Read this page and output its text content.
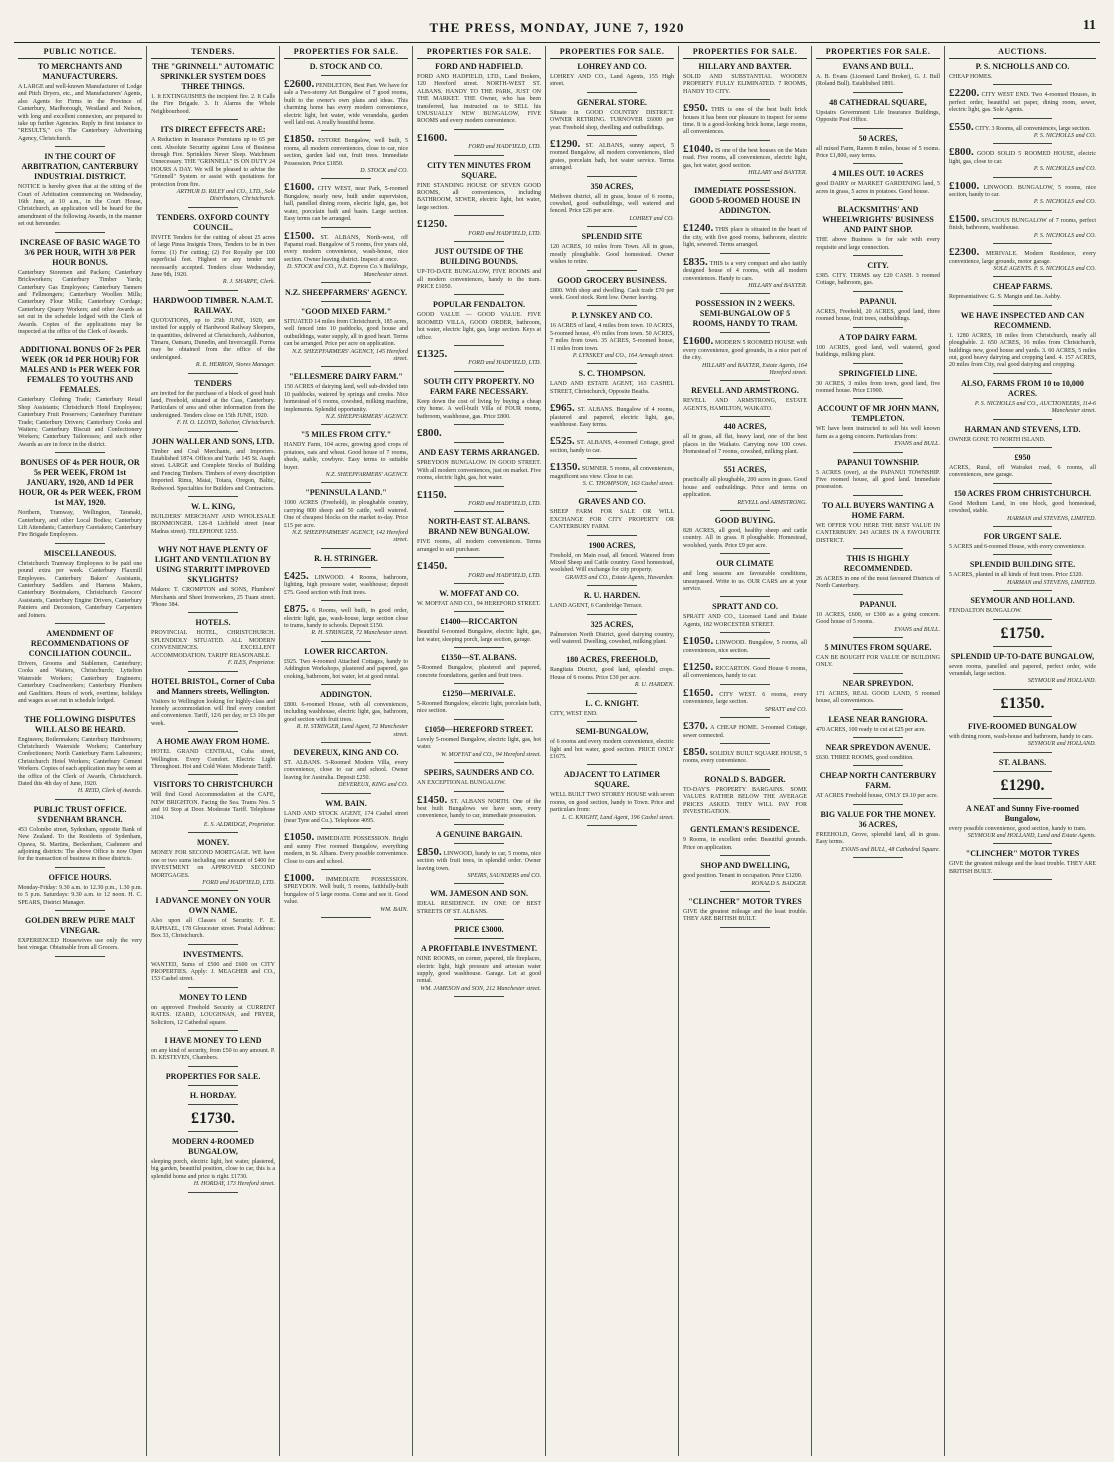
THE PRESS, MONDAY, JUNE 7, 1920	11
PUBLIC NOTICE.
TO MERCHANTS AND MANUFACTURERS.
A LARGE and well-known Manufacturer of Lodge and Pitch Dryers, etc., and Manufacturers' Agents, also Agents for Firms in the Province of Canterbury, Marlborough, Westland and Nelson, with long and excellent connexion, are prepared to take up further Agencies. Reply in first instance to "RESULTS," c/o The Canterbury Advertising Agency, Christchurch.
IN THE COURT OF ARBITRATION, CANTERBURY INDUSTRIAL DISTRICT.
NOTICE is hereby given that at the sitting of the Court of Arbitration commencing on Wednesday, 16th June, at 10 a.m., in the Court House, Christchurch, an application will be heard for the amendment of the following Awards, in the manner set out hereunder.
INCREASE OF BASIC WAGE TO 3/6 PER HOUR, WITH 3/8 PER HOUR BONUS.
Canterbury Storemen and Packers; Canterbury Brickworkers; Canterbury Timber Yards; Canterbury Gas Employees; Canterbury Tanners and Fellmongers; Canterbury Woollen Mills; Canterbury Flour Mills; Canterbury Cordage; Canterbury Quarry Workers; and other Awards as set out in the schedule lodged with the Clerk of Awards. Copies of the applications may be inspected at the office of the Clerk of Awards.
ADDITIONAL BONUS OF 2s PER WEEK (OR 1d PER HOUR) FOR MALES AND 1s PER WEEK FOR FEMALES TO YOUTHS AND FEMALES.
Canterbury Clothing Trade; Canterbury Retail Shop Assistants; Christchurch Hotel Employees; Canterbury Fruit Preservers; Canterbury Furniture Trade; Canterbury Drivers; Canterbury Cooks and Waiters; Canterbury Biscuit and Confectionery Workers; Canterbury Tailoresses; and such other Awards as are in force in the district.
BONUSES OF 4s PER HOUR, OR 5s PER WEEK, FROM 1st JANUARY, 1920, AND 1d PER HOUR, OR 4s PER WEEK, FROM 1st MAY, 1920.
Northern, Tramway, Wellington, Taranaki, Canterbury, and other Local Bodies; Canterbury Lift Attendants; Canterbury Caretakers; Canterbury Fire Brigade Employees.
MISCELLANEOUS.
Christchurch Tramway Employees to be paid one pound extra per week. Canterbury Flaxmill Employees. Canterbury Bakers' Assistants, Canterbury Saddlers and Harness Makers, Canterbury Bootmakers, Christchurch Grocers' Assistants, Canterbury Engine Drivers, Canterbury Painters and Decorators, Canterbury Carpenters and Joiners.
AMENDMENT OF RECOMMENDATIONS OF CONCILIATION COUNCIL.
Drivers, Grooms and Stablemen, Canterbury; Cooks and Waiters, Christchurch; Lyttelton Waterside Workers; Canterbury Engineers; Canterbury Coachworkers; Canterbury Plumbers and Gasfitters. Hours of work, overtime, holidays and wages as set out in schedule lodged.
THE FOLLOWING DISPUTES WILL ALSO BE HEARD.
Engineers; Boilermakers; Canterbury Hairdressers; Christchurch Waterside Workers; Canterbury Confectioners; North Canterbury Farm Labourers; Christchurch Hotel Workers; Canterbury Cement Workers. Copies of each application may be seen at the office of the Clerk of Awards, Christchurch. Dated this 4th day of June, 1920.
H. REID, Clerk of Awards.
PUBLIC TRUST OFFICE. SYDENHAM BRANCH.
453 Colombo street, Sydenham, opposite Bank of New Zealand. To the Residents of Sydenham, Opawa, St. Martins, Beckenham, Cashmere and adjoining districts: The above Office is now Open for the transaction of business in these districts.
OFFICE HOURS.
Monday-Friday: 9.30 a.m. to 12.30 p.m., 1.30 p.m. to 5 p.m. Saturdays: 9.30 a.m. to 12 noon. H. C. SPEARS, District Manager.
GOLDEN BREW PURE MALT VINEGAR.
EXPERIENCED Housewives use only the very best vinegar. Obtainable from all Grocers.
TENDERS.
THE "GRINNELL" AUTOMATIC SPRINKLER SYSTEM DOES THREE THINGS.
1. It EXTINGUISHES the incipient fire. 2. It Calls the Fire Brigade. 3. It Alarms the Whole Neighbourhood.
ITS DIRECT EFFECTS ARE:
A Reduction in Insurance Premiums up to 65 per cent. Absolute Security against Loss of Business through Fire. Sprinklers Never Sleep. Watchmen Unnecessary. THE "GRINNELL" IS ON DUTY 24 HOURS A DAY. We will be pleased to advise the "Grinnell" System or assist with quotations for protection from fire.
ARTHUR D. RILEY and CO., LTD., Sole Distributors, Christchurch.
TENDERS. OXFORD COUNTY COUNCIL.
INVITE Tenders for the cutting of about 25 acres of large Pinus Insignis Trees, Tenders to be in two forms: (1) For cutting; (2) For Royalty per 100 superficial feet. Highest or any tender not necessarily accepted. Tenders close Wednesday, June 9th, 1920.
R. J. SHARPE, Clerk.
HARDWOOD TIMBER. N.A.M.T. RAILWAY.
QUOTATIONS, up to 25th JUNE, 1920, are invited for supply of Hardwood Railway Sleepers, in quantities, delivered at Christchurch, Ashburton, Timaru, Oamaru, Dunedin, and Invercargill. Forms may be obtained from the office of the undersigned.
R. E. HERRON, Stores Manager.
TENDERS
are invited for the purchase of a block of good bush land, Freehold, situated at the Cass, Canterbury. Particulars of area and other information from the undersigned. Tenders close on 15th JUNE, 1920.
F. H. O. LLOYD, Solicitor, Christchurch.
JOHN WALLER AND SONS, LTD.
Timber and Coal Merchants, and Importers. Established 1874. Offices and Yards: 145 St. Asaph street. LARGE and Complete Stocks of Building and Fencing Timbers. Timbers of every description Imported. Rimu, Matai, Totara, Oregon, Baltic, Redwood. Specialties for Builders and Contractors.
W. L. KING,
BUILDERS' MERCHANT AND WHOLESALE IRONMONGER. 126-8 Lichfield street (near Madras street). TELEPHONE 1255.
WHY NOT HAVE PLENTY OF LIGHT AND VENTILATION BY USING STARRITT IMPROVED SKYLIGHTS?
Makers: T. CROMPTON and SONS, Plumbers' Merchants and Sheet Ironworkers, 25 Tuam street. 'Phone 384.
HOTELS.
PROVINCIAL HOTEL, CHRISTCHURCH. SPLENDIDLY SITUATED. ALL MODERN CONVENIENCES. EXCELLENT ACCOMMODATION. TARIFF REASONABLE.
F. ILES, Proprietor.
HOTEL BRISTOL, Corner of Cuba and Manners streets, Wellington.
Visitors to Wellington looking for highly-class and homely accommodation will find every comfort and convenience. Tariff, 12/6 per day, or £3 10s per week.
A HOME AWAY FROM HOME.
HOTEL GRAND CENTRAL, Cuba street, Wellington. Every Comfort. Electric Light Throughout. Hot and Cold Water. Moderate Tariff.
VISITORS TO CHRISTCHURCH
Will find Good Accommodation at the CAFE, NEW BRIGHTON. Facing the Sea. Trams Nos. 5 and 10 Stop at Door. Moderate Tariff. Telephone 3104.
E. S. ALDRIDGE, Proprietor.
MONEY.
MONEY FOR SECOND MORTGAGE. WE have one or two sums including one amount of £400 for INVESTMENT on APPROVED SECOND MORTGAGES.
FORD and HADFIELD, LTD.
I ADVANCE MONEY ON YOUR OWN NAME.
Also upon all Classes of Security. F. E. RAPHAEL, 178 Gloucester street. Postal Address: Box 33, Christchurch.
INVESTMENTS.
WANTED, Sums of £500 and £600 on CITY PROPERTIES. Apply: J. MEAGHER and CO., 153 Cashel street.
MONEY TO LEND
on approved Freehold Security at CURRENT RATES. IZARD, LOUGHNAN, and FRYER, Solicitors, 12 Cathedral square.
I HAVE MONEY TO LEND
on any kind of security, from £50 to any amount. P. D. KESTEVEN, Chambers.
PROPERTIES FOR SALE.
H. HORDAY.
£1730.
MODERN 4-ROOMED BUNGALOW,
sleeping porch, electric light, hot water, plastered, big garden, beautiful position, close to car, this is a splendid home and price is right. £1730.
H. HORDAY, 173 Hereford street.
PROPERTIES FOR SALE.
D. STOCK AND CO.
£2600. PENDLETON, Best Part. We have for sale a Two-storey Art Bungalow of 7 good rooms, built to the owner's own plans and ideas. This charming home has every modern convenience, electric light, hot water, wide verandahs, garden well laid out. A really beautiful home.
£1850. ESTORE Bungalow, well built, 5 rooms, all modern conveniences, close to car, nice section, garden laid out, fruit trees. Immediate Possession. Price £1850.
D. STOCK and CO.
£1600. CITY WEST, near Park, 5-roomed Bungalow, nearly new, built under supervision, hall, panelled dining room, electric light, gas, hot water, porcelain bath and basin. Large section. Easy terms can be arranged.
£1500. ST. ALBANS, North-west, off Papanui road. Bungalow of 5 rooms, five years old, every modern convenience, wash-house, nice section. Owner leaving district. Inspect at once.
D. STOCK and CO., N.Z. Express Co.'s Buildings, Manchester street.
N.Z. SHEEPFARMERS' AGENCY.
"GOOD MIXED FARM."
SITUATED 14 miles from Christchurch, 185 acres, well fenced into 10 paddocks, good house and outbuildings, water supply, all in good heart. Terms can be arranged. Price per acre on application.
N.Z. SHEEPFARMERS' AGENCY, 145 Hereford street.
"ELLESMERE DAIRY FARM."
150 ACRES of dairying land, well sub-divided into 10 paddocks, watered by springs and creeks. Nice homestead of 6 rooms, cowshed, milking machine, implements. Splendid opportunity.
N.Z. SHEEPFARMERS' AGENCY.
"5 MILES FROM CITY."
HANDY Farm, 104 acres, growing good crops of potatoes, oats and wheat. Good house of 7 rooms, sheds, stable, cowbyre. Easy terms to suitable buyer.
N.Z. SHEEPFARMERS' AGENCY.
"PENINSULA LAND."
1000 ACRES (Freehold), in ploughable country, carrying 800 sheep and 50 cattle, well watered. One of cheapest blocks on the market to-day. Price £15 per acre.
N.Z. SHEEPFARMERS' AGENCY, 142 Hereford street.
R. H. STRINGER.
£425. LINWOOD. 4 Rooms, bathroom, lighting, high pressure water, washhouse; deposit £75. Good section with fruit trees.
£875. 6 Rooms, well built, in good order, electric light, gas, wash-house, large section close to trams, handy to schools. Deposit £150.
R. H. STRINGER, 72 Manchester street.
LOWER RICCARTON.
£925. Two 4-roomed Attached Cottages, handy to Addington Workshops, plastered and papered, gas cooking, bathroom, hot water, let at good rental.
ADDINGTON.
£800. 6-roomed House, with all conveniences, including washhouse, electric light, gas, bathroom, good section with fruit trees.
R. H. STRINGER, Land Agent, 72 Manchester street.
DEVEREUX, KING AND CO.
ST. ALBANS. 5-Roomed Modern Villa, every convenience, close to car and school. Owner leaving for Australia. Deposit £250.
DEVEREUX, KING and CO.
WM. BAIN.
LAND AND STOCK AGENT, 174 Cashel street (near Tyne and Co.). Telephone 4095.
£1050. IMMEDIATE POSSESSION. Bright and sunny Five roomed Bungalow, everything modern, in St. Albans. Every possible convenience. Close to cars and school.
£1000. IMMEDIATE POSSESSION. SPREYDON. Well built, 5 rooms, faithfully-built bungalow of 5 large rooms. Come and see it. Good value.
WM. BAIN.
PROPERTIES FOR SALE.
FORD AND HADFIELD.
FORD AND HADFIELD, LTD., Land Brokers, 120 Hereford street. NORTH-WEST ST. ALBANS. HANDY TO THE PARK, JUST ON THE MARKET. THE Owner, who has been transferred, has instructed us to SELL his UNUSUALLY NEW BUNGALOW, FIVE ROOMS and every modern convenience.
£1600.
FORD and HADFIELD, LTD.
CITY TEN MINUTES FROM SQUARE.
FINE STANDING HOUSE OF SEVEN GOOD ROOMS, all conveniences, including BATHROOM, SEWER, electric light, hot water, large section.
£1250.
FORD and HADFIELD, LTD.
JUST OUTSIDE OF THE BUILDING BOUNDS.
UP-TO-DATE BUNGALOW, FIVE ROOMS and all modern conveniences, handy to the tram. PRICE £1050.
POPULAR FENDALTON.
GOOD VALUE — GOOD VALUE. FIVE ROOMED VILLA, GOOD ORDER, bathroom, hot water, electric light, gas, large section. Keys at office.
£1325.
FORD and HADFIELD, LTD.
SOUTH CITY PROPERTY. NO FARM FARE NECESSARY.
Keep down the cost of living by buying a cheap city home. A well-built Villa of FOUR rooms, bathroom, washhouse, gas. Price £800.
£800.
AND EASY TERMS ARRANGED.
SPREYDON BUNGALOW. IN GOOD STREET. With all modern conveniences, just on market. Five rooms, electric light, gas, hot water.
£1150.
FORD and HADFIELD, LTD.
NORTH-EAST ST. ALBANS. BRAND NEW BUNGALOW.
FIVE rooms, all modern conveniences. Terms arranged to suit purchaser.
£1450.
FORD and HADFIELD, LTD.
W. MOFFAT AND CO.
W. MOFFAT AND CO., 94 HEREFORD STREET.
£1400—RICCARTON
Beautiful 6-roomed Bungalow, electric light, gas, hot water, sleeping porch, large section, garage.
£1350—ST. ALBANS.
5-Roomed Bungalow, plastered and papered, concrete foundations, garden and fruit trees.
£1250—MERIVALE.
5-Roomed Bungalow, electric light, porcelain bath, nice section.
£1050—HEREFORD STREET.
Lovely 5-roomed Bungalow, electric light, gas, hot water.
W. MOFFAT and CO., 94 Hereford street.
SPEIRS, SAUNDERS AND CO.
AN EXCEPTIONAL BUNGALOW.
£1450. ST. ALBANS NORTH. One of the best built Bungalows we have seen, every convenience, handy to car, immediate possession.
A GENUINE BARGAIN.
£850. LINWOOD, handy to car, 5 rooms, nice section with fruit trees, in splendid order. Owner leaving town.
SPEIRS, SAUNDERS and CO.
WM. JAMESON AND SON.
IDEAL RESIDENCE. IN ONE OF BEST STREETS OF ST. ALBANS.
PRICE £3000.
A PROFITABLE INVESTMENT.
NINE ROOMS, on corner, papered, tile fireplaces, electric light, high pressure and artesian water supply, good washhouse. Garage. Let at good rental.
WM. JAMESON and SON, 212 Manchester street.
PROPERTIES FOR SALE.
LOHREY AND CO.
LOHREY AND CO., Land Agents, 155 High street.
GENERAL STORE.
Situate in GOOD COUNTRY DISTRICT. OWNER RETIRING. TURNOVER £6000 per year. Freehold shop, dwelling and outbuildings.
£1290. ST. ALBANS, sunny aspect, 5 roomed Bungalow, all modern conveniences, tiled grates, porcelain bath, hot water service. Terms arranged.
350 ACRES,
Methven district, all in grass, house of 6 rooms, cowshed, good outbuildings, well watered and fenced. Price £26 per acre.
LOHREY and CO.
SPLENDID SITE
120 ACRES, 10 miles from Town. All in grass, mostly ploughable. Good homestead. Owner wishes to retire.
GOOD GROCERY BUSINESS.
£800. With shop and dwelling. Cash trade £70 per week. Good stock. Rent low. Owner leaving.
P. LYNSKEY AND CO.
16 ACRES of land, 4 miles from town. 10 ACRES, 5-roomed house, 4½ miles from town. 50 ACRES, 7 miles from town. 35 ACRES, 5-roomed house, 11 miles from town.
P. LYNSKEY and CO., 164 Armagh street.
S. C. THOMPSON.
LAND AND ESTATE AGENT, 163 CASHEL STREET, Christchurch, Opposite Beaths.
£965. ST. ALBANS. Bungalow of 4 rooms, plastered and papered, electric light, gas, washhouse. Easy terms.
£525. ST. ALBANS, 4-roomed Cottage, good section, handy to car.
£1350. SUMNER. 5 rooms, all conveniences, magnificent sea view. Close to car.
S. C. THOMPSON, 163 Cashel street.
GRAVES AND CO.
SHEEP FARM FOR SALE OR WILL EXCHANGE FOR CITY PROPERTY OR CANTERBURY FARM.
1900 ACRES,
Freehold, on Main road, all fenced. Watered from Mixed Sheep and Cattle country. Good homestead, woolshed. Will exchange for city property.
GRAVES and CO., Estate Agents, Hawarden.
R. U. HARDEN.
LAND AGENT, 6 Cambridge Terrace.
325 ACRES,
Palmerston North District, good dairying country, well watered. Dwelling, cowshed, milking plant.
180 ACRES, FREEHOLD,
Rangitata District, good land, splendid crops. House of 6 rooms. Price £30 per acre.
R. U. HARDEN.
L. C. KNIGHT.
CITY, WEST END.
SEMI-BUNGALOW,
of 6 rooms and every modern convenience, electric light and hot water, good section. PRICE ONLY £1675.
ADJACENT TO LATIMER SQUARE.
WELL BUILT TWO STOREY HOUSE with seven rooms, on good section, handy to Town. Price and particulars from:
L. C. KNIGHT, Land Agent, 196 Cashel street.
PROPERTIES FOR SALE.
HILLARY AND BAXTER.
SOLID AND SUBSTANTIAL WOODEN PROPERTY FULLY ELIMINATED. 7 ROOMS, HANDY TO CITY.
£950. THIS is one of the best built brick houses it has been our pleasure to inspect for some time. It is a good-looking brick home, large rooms, all conveniences.
£1040. IS one of the best houses on the Main road. Five rooms, all conveniences, electric light, gas, hot water, good section.
HILLARY and BAXTER.
IMMEDIATE POSSESSION. GOOD 5-ROOMED HOUSE IN ADDINGTON.
£1240. THIS place is situated in the heart of the city, with five good rooms, bathroom, electric light, sewered. Terms arranged.
£835. THIS is a very compact and also tastily designed house of 4 rooms, with all modern conveniences. Handy to cars.
HILLARY and BAXTER.
POSSESSION IN 2 WEEKS. SEMI-BUNGALOW OF 5 ROOMS, HANDY TO TRAM.
£1600. MODERN 5 ROOMED HOUSE with every convenience, good grounds, in a nice part of the city.
HILLARY and BAXTER, Estate Agents, 164 Hereford street.
REVELL AND ARMSTRONG.
REVELL AND ARMSTRONG, ESTATE AGENTS, HAMILTON, WAIKATO.
440 ACRES,
all in grass, all flat, heavy land, one of the best places in the Waikato. Carrying now 100 cows. Homestead of 7 rooms, cowshed, milking plant.
551 ACRES,
practically all ploughable, 200 acres in grass. Good house and outbuildings. Price and terms on application.
REVELL and ARMSTRONG.
GOOD BUYING.
828 ACRES, all good, healthy sheep and cattle country. All in grass. 8 ploughable. Homestead, woolshed, yards. Price £9 per acre.
OUR CLIMATE
and long seasons are favourable conditions, unsurpassed. Write to us. OUR CARS are at your service.
SPRATT AND CO.
SPRATT AND CO., Licensed Land and Estate Agents, 182 WORCESTER STREET.
£1050. LINWOOD. Bungalow, 5 rooms, all conveniences, nice section.
£1250. RICCARTON. Good House 6 rooms, all conveniences, handy to car.
£1650. CITY WEST. 6 rooms, every convenience, large section.
SPRATT and CO.
£370. A CHEAP HOME. 3-roomed Cottage, sewer connected.
£850. SOLIDLY BUILT SQUARE HOUSE, 5 rooms, every convenience.
RONALD S. BADGER.
TO-DAY'S PROPERTY BARGAINS. SOME VALUES RATHER BELOW THE AVERAGE PRICES ASKED. THEY WILL PAY FOR INVESTIGATION.
GENTLEMAN'S RESIDENCE.
9 Rooms, in excellent order. Beautiful grounds. Price on application.
SHOP AND DWELLING,
good position. Tenant in occupation. Price £1200.
RONALD S. BADGER.
"CLINCHER" MOTOR TYRES
GIVE the greatest mileage and the least trouble. THEY ARE BRITISH BUILT.
PROPERTIES FOR SALE.
EVANS AND BULL.
A. B. Evans (Licensed Land Broker), G. J. Bull (Roland Bull). Established 1891.
48 CATHEDRAL SQUARE,
Upstairs Government Life Insurance Buildings, Opposite Post Office.
50 ACRES,
all mixed Farm, Rarem 8 miles, house of 5 rooms. Price £1,800, easy terms.
4 MILES OUT. 10 ACRES
good DAIRY or MARKET GARDENING land, 5 acres in grass, 5 acres in potatoes. Good house.
BLACKSMITHS' AND WHEELWRIGHTS' BUSINESS AND PAINT SHOP.
THE above Business is for sale with every requisite and large connection.
CITY.
£385. CITY. TERMS say £20 CASH. 3 roomed Cottage, bathroom, gas.
PAPANUI.
ACRES, Freehold, 20 ACRES, good land, three roomed house, fruit trees, outbuildings.
A TOP DAIRY FARM.
100 ACRES, good land, well watered, good buildings, milking plant.
SPRINGFIELD LINE.
30 ACRES, 3 miles from town, good land, five roomed house. Price £1900.
ACCOUNT OF MR JOHN MANN, TEMPLETON.
WE have been instructed to sell his well known farm as a going concern. Particulars from:
EVANS and BULL.
PAPANUI TOWNSHIP.
5 ACRES (over), at the PAPANUI TOWNSHIP. Five roomed house, all good land. Immediate possession.
TO ALL BUYERS WANTING A HOME FARM.
WE OFFER YOU HERE THE BEST VALUE IN CANTERBURY. 243 ACRES IN A FAVOURITE DISTRICT.
THIS IS HIGHLY RECOMMENDED.
26 ACRES in one of the most favoured Districts of North Canterbury.
PAPANUI.
10 ACRES, £600, or £300 as a going concern. Good house of 5 rooms.
EVANS and BULL.
5 MINUTES FROM SQUARE.
CAN BE BOUGHT FOR VALUE OF BUILDING ONLY.
NEAR SPREYDON.
171 ACRES, REAL GOOD LAND, 5 roomed house, all conveniences.
LEASE NEAR RANGIORA.
470 ACRES, 100 ready to cut at £25 per acre.
NEAR SPREYDON AVENUE.
£630. THREE ROOMS, good condition.
CHEAP NORTH CANTERBURY FARM.
AT ACRES Freehold house, ONLY £9.10 per acre.
BIG VALUE FOR THE MONEY. 36 ACRES,
FREEHOLD, Grove, splendid land, all in grass. Easy terms.
EVANS and BULL, 48 Cathedral Square.
AUCTIONS.
P. S. NICHOLLS AND CO.
CHEAP HOMES.
£2200. CITY WEST END. Two 4-roomed Houses, in perfect order, beautiful set paper, dining room, sewer, electric light, gas. Sole Agents.
£550. CITY. 3 Rooms, all conveniences, large section.
P. S. NICHOLLS and CO.
£800. GOOD SOLID 5 ROOMED HOUSE, electric light, gas, close to car.
P. S. NICHOLLS and CO.
£1000. LINWOOD. BUNGALOW, 5 rooms, nice section, handy to car.
P. S. NICHOLLS and CO.
£1500. SPACIOUS BUNGALOW of 7 rooms, perfect finish, bathroom, washhouse.
P. S. NICHOLLS and CO.
£2300. MERIVALE. Modern Residence, every convenience, large grounds, motor garage.
SOLE AGENTS. P. S. NICHOLLS and CO.
CHEAP FARMS.
Representatives: G. S. Mangin and Jas. Ashby.
WE HAVE INSPECTED AND CAN RECOMMEND.
1. 1280 ACRES, 18 miles from Christchurch, nearly all ploughable. 2. 650 ACRES, 16 miles from Christchurch, buildings new, good house and yards. 3. 60 ACRES, 5 miles out, good heavy dairying and cropping land. 4. 157 ACRES, 20 miles from City, real good dairying and cropping.
ALSO, FARMS FROM 10 to 10,000 ACRES.
P. S. NICHOLLS and CO., AUCTIONEERS, 114-6 Manchester street.
HARMAN AND STEVENS, LTD.
OWNER GONE TO NORTH ISLAND.
£950
ACRES, Rural, off Wairakei road, 6 rooms, all conveniences, new garage.
150 ACRES FROM CHRISTCHURCH.
Good Medium Land, in one block, good homestead, cowshed, stable.
HARMAN and STEVENS, LIMITED.
FOR URGENT SALE.
5 ACRES and 6-roomed House, with every convenience.
SPLENDID BUILDING SITE.
5 ACRES, planted in all kinds of fruit trees. Price £320.
HARMAN and STEVENS, LIMITED.
SEYMOUR AND HOLLAND.
FENDALTON BUNGALOW.
£1750.
SPLENDID UP-TO-DATE BUNGALOW,
seven rooms, panelled and papered, perfect order, wide verandah, large section.
SEYMOUR and HOLLAND.
£1350.
FIVE-ROOMED BUNGALOW
with dining room, wash-house and bathroom, handy to cars.
SEYMOUR and HOLLAND.
ST. ALBANS.
£1290.
A NEAT and Sunny Five-roomed Bungalow,
every possible convenience, good section, handy to tram.
SEYMOUR and HOLLAND, Land and Estate Agents.
"CLINCHER" MOTOR TYRES
GIVE the greatest mileage and the least trouble. THEY ARE BRITISH BUILT.
